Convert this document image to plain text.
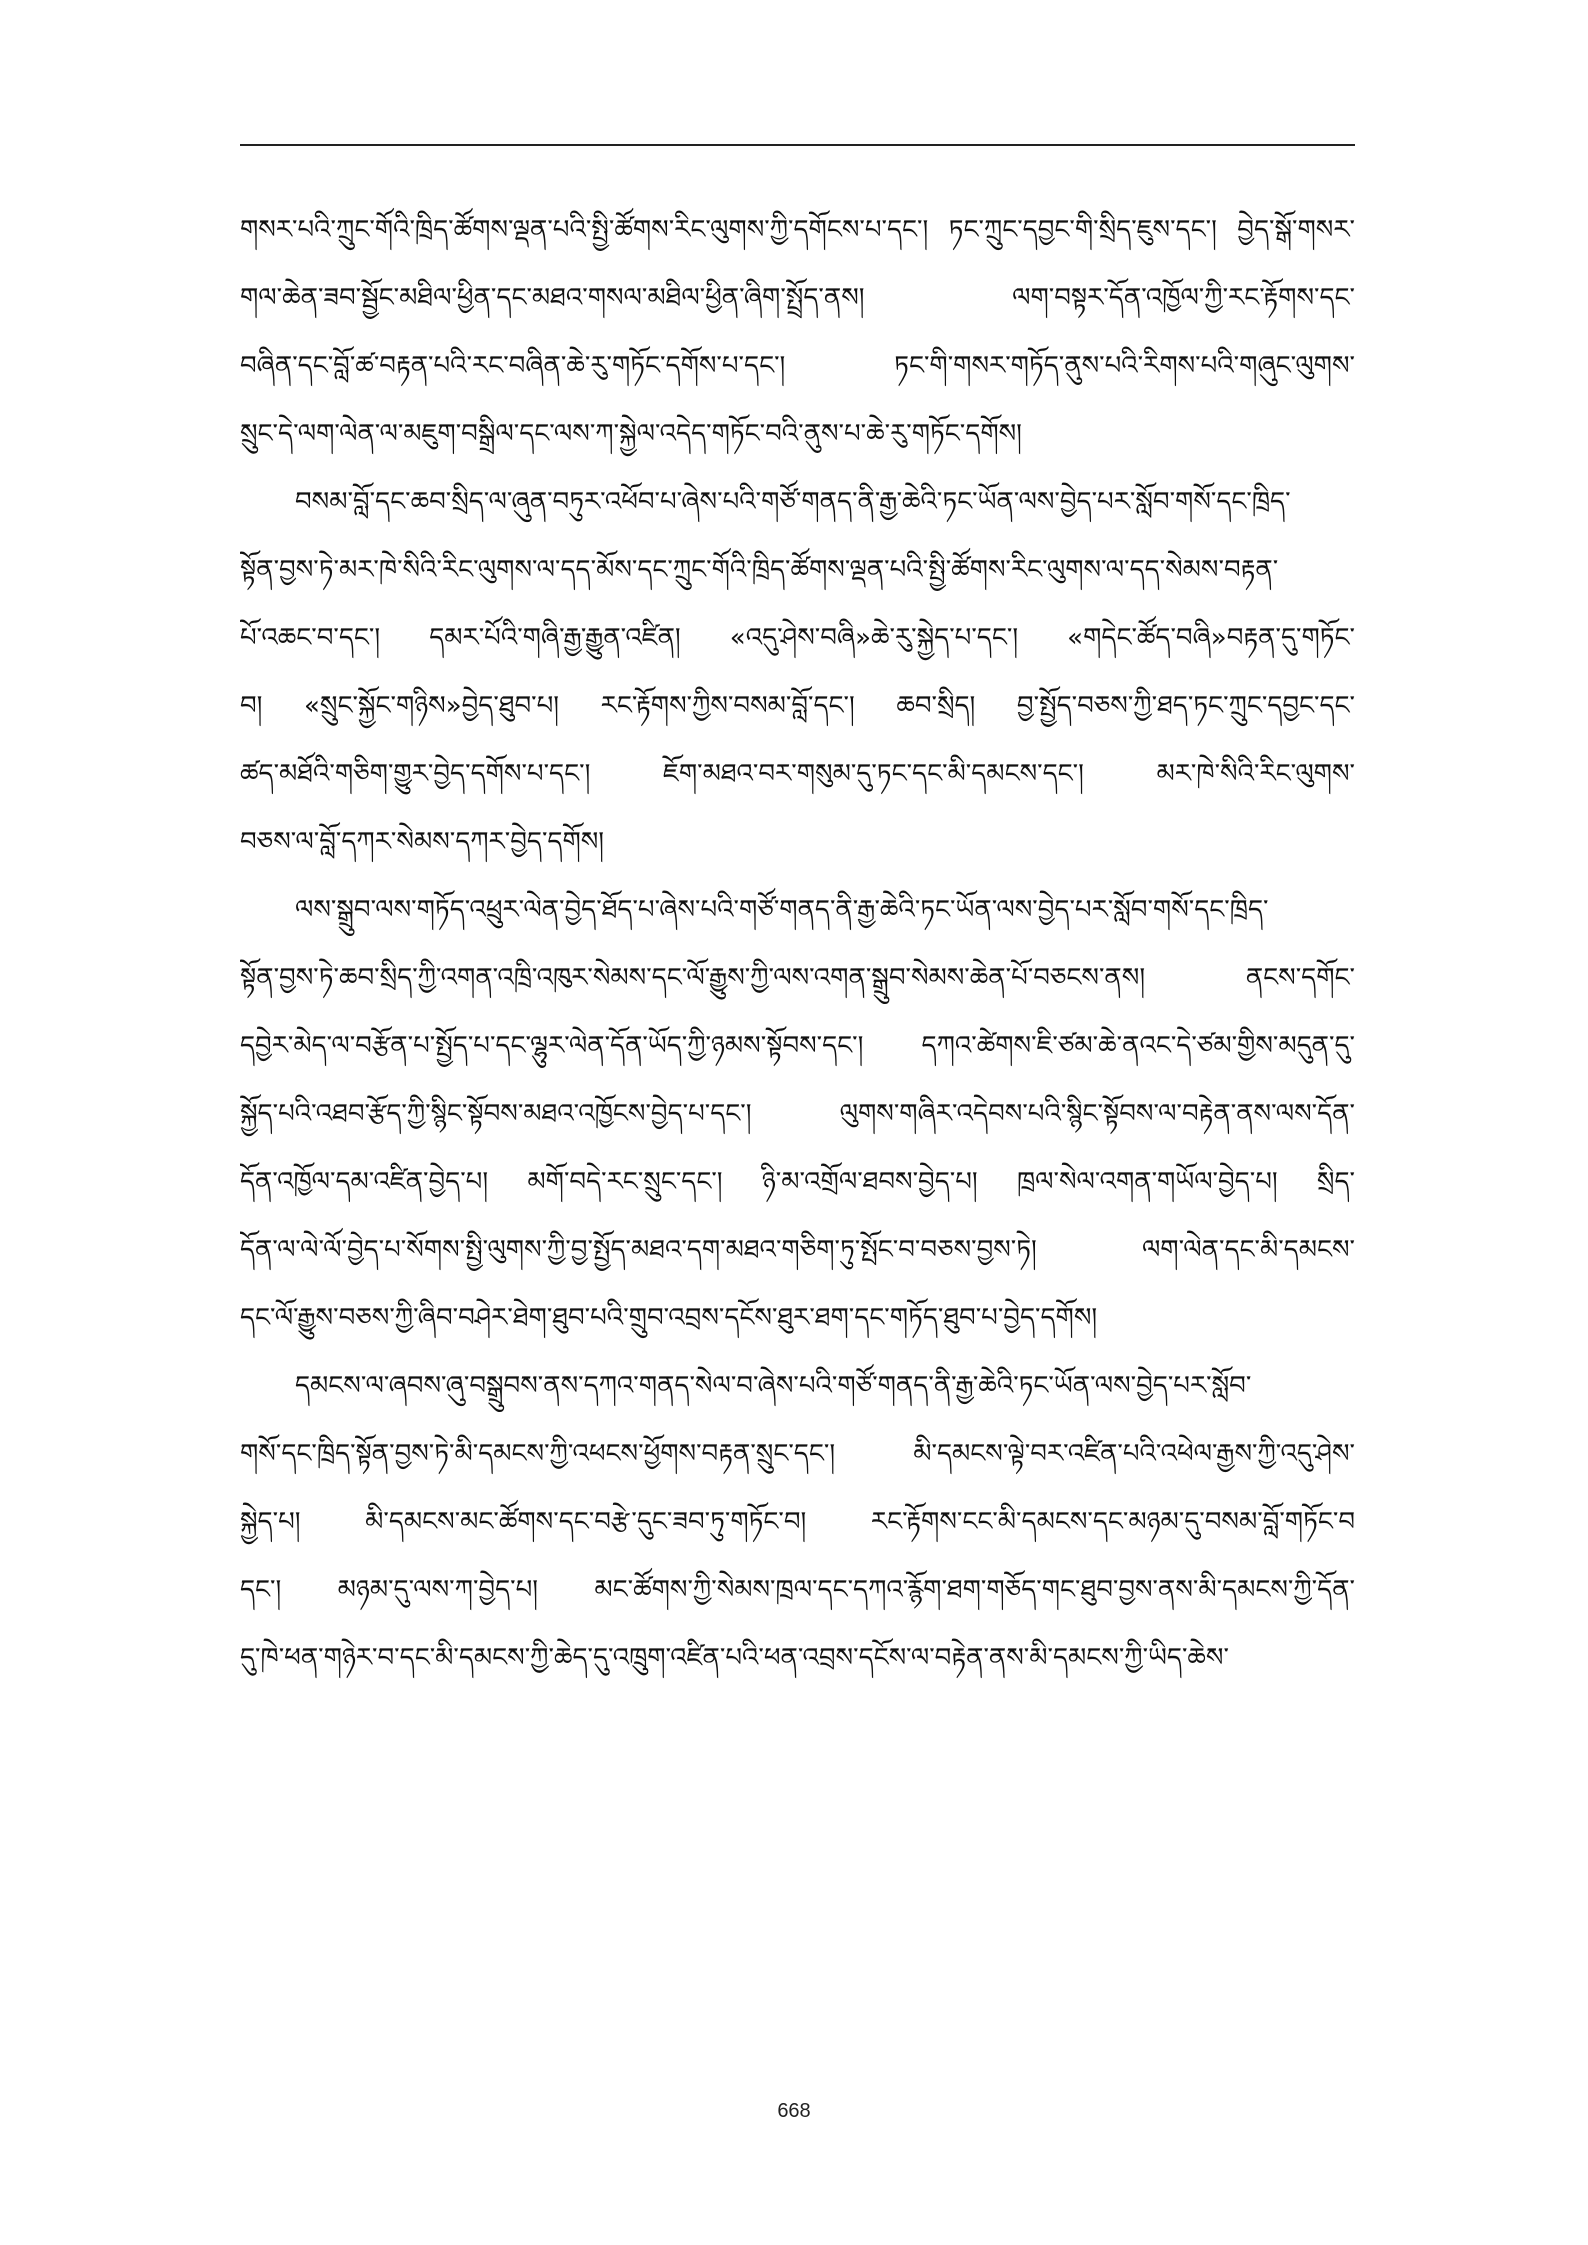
གསར་པའི་ཀྲུང་གོའི་ཁྲིད་ཚོགས་ལྡན་པའི་སྤྱི་ཚོགས་རིང་ལུགས་ཀྱི་དགོངས་པ་དང་། ཏང་ཀྲུང་དབྱང་གི་སྲིད་ཇུས་དང་། བྱེད་སྒོ་གསར་
གལ་ཆེན་ཟབ་སྦྱོང་མཐིལ་ཕྱིན་དང་མཐའ་གསལ་མཐིལ་ཕྱིན་ཞིག་སྤྲོད་ནས། ལག་བསྟར་དོན་འཁྱོལ་ཀྱི་རང་རྟོགས་དང་
བཞིན་དང་བློ་ཚ་བརྟན་པའི་རང་བཞིན་ཆེ་རུ་གཏོང་དགོས་པ་དང་། ཏང་གི་གསར་གཏོད་ནུས་པའི་རིགས་པའི་གཞུང་ལུགས་
སྲུང་དེ་ལག་ལེན་ལ་མཇུག་བསྒྲིལ་དང་ལས་ཀ་སྐྱེལ་འདེད་གཏོང་བའི་ནུས་པ་ཆེ་རུ་གཏོང་དགོས།
བསམ་བློ་དང་ཆབ་སྲིད་ལ་ཞུན་བཏུར་འཕོབ་པ་ཞེས་པའི་གཙོ་གནད་ནི་རྒྱ་ཆེའི་ཏང་ཡོན་ལས་བྱེད་པར་སློབ་གསོ་དང་ཁྲིད་
སྟོན་བྱས་ཏེ་མར་ཁེ་སིའི་རིང་ལུགས་ལ་དད་མོས་དང་ཀྲུང་གོའི་ཁྲིད་ཚོགས་ལྡན་པའི་སྤྱི་ཚོགས་རིང་ལུགས་ལ་དད་སེམས་བརྟན་
པོ་འཆང་བ་དང་། དམར་པོའི་གཞི་རྒྱ་རྒྱུན་འཛིན། «འདུ་ཤེས་བཞི»ཆེ་རུ་སྐྱེད་པ་དང་། «གདེང་ཚོད་བཞི»བརྟན་དུ་གཏོང་
བ། «སྲུང་སྐྱོང་གཉིས»བྱེད་ཐུབ་པ། རང་རྟོགས་ཀྱིས་བསམ་བློ་དང་། ཆབ་སྲིད། བྱ་སྤྱོད་བཅས་ཀྱི་ཐད་ཏང་ཀྲུང་དབྱང་དང་
ཚད་མཐོའི་གཅིག་གྱུར་བྱེད་དགོས་པ་དང་། ཇོག་མཐའ་བར་གསུམ་དུ་ཏང་དང་མི་དམངས་དང་། མར་ཁེ་སིའི་རིང་ལུགས་
བཅས་ལ་བློ་དཀར་སེམས་དཀར་བྱེད་དགོས།
ལས་སྒྲུབ་ལས་གཏོད་འཕྲུར་ལེན་བྱེད་ཐོད་པ་ཞེས་པའི་གཙོ་གནད་ནི་རྒྱ་ཆེའི་ཏང་ཡོན་ལས་བྱེད་པར་སློབ་གསོ་དང་ཁྲིད་
སྟོན་བྱས་ཏེ་ཆབ་སྲིད་ཀྱི་འགན་འཁྲི་འཁུར་སེམས་དང་ལོ་རྒྱུས་ཀྱི་ལས་འགན་སྒྲུབ་སེམས་ཆེན་པོ་བཅངས་ནས། ནངས་དགོང་
དབྱེར་མེད་ལ་བརྩོན་པ་སྤྱོད་པ་དང་ལྷུར་ལེན་དོན་ཡོད་ཀྱི་ཉམས་སྟོབས་དང་། དཀའ་ཚེགས་ཇི་ཙམ་ཆེ་ནའང་དེ་ཙམ་གྱིས་མདུན་དུ་
སྐྱོད་པའི་འཐབ་རྩོད་ཀྱི་སྙིང་སྟོབས་མཐའ་འཁྱོངས་བྱེད་པ་དང་། ལུགས་གཞིར་འདེབས་པའི་སྙིང་སྟོབས་ལ་བརྟེན་ནས་ལས་དོན་
དོན་འཁྱོལ་དམ་འཛིན་བྱེད་པ། མགོ་བདེ་རང་སྲུང་དང་། ཉི་མ་འགྲོལ་ཐབས་བྱེད་པ། ཁྲལ་སེལ་འགན་གཡོལ་བྱེད་པ། སྲིད་
དོན་ལ་ལེ་ལོ་བྱེད་པ་སོགས་སྤྱི་ལུགས་ཀྱི་བྱ་སྤྱོད་མཐའ་དག་མཐའ་གཅིག་ཏུ་སྤོང་བ་བཅས་བྱས་ཏེ། ལག་ལེན་དང་མི་དམངས་
དང་ལོ་རྒྱུས་བཅས་ཀྱི་ཞིབ་བཤེར་ཐེག་ཐུབ་པའི་གྲུབ་འབྲས་དངོས་ཐུར་ཐག་དང་གཏོད་ཐུབ་པ་བྱེད་དགོས།
དམངས་ལ་ཞབས་ཞུ་བསྒྲུབས་ནས་དཀའ་གནད་སེལ་བ་ཞེས་པའི་གཙོ་གནད་ནི་རྒྱ་ཆེའི་ཏང་ཡོན་ལས་བྱེད་པར་སློབ་
གསོ་དང་ཁྲིད་སྟོན་བྱས་ཏེ་མི་དམངས་ཀྱི་འཕངས་ཕྱོགས་བརྟན་སྲུང་དང་། མི་དམངས་ལྟེ་བར་འཛིན་པའི་འཕེལ་རྒྱས་ཀྱི་འདུ་ཤེས་
སྐྱེད་པ། མི་དམངས་མང་ཚོགས་དང་བརྩེ་དུང་ཟབ་ཏུ་གཏོང་བ། རང་རྟོགས་ངང་མི་དམངས་དང་མཉམ་དུ་བསམ་བློ་གཏོང་བ
དང་། མཉམ་དུ་ལས་ཀ་བྱེད་པ། མང་ཚོགས་ཀྱི་སེམས་ཁྲལ་དང་དཀའ་རྙོག་ཐག་གཅོད་གང་ཐུབ་བྱས་ནས་མི་དམངས་ཀྱི་དོན་
དུ་ཁེ་ཕན་གཉེར་བ་དང་མི་དམངས་ཀྱི་ཆེད་དུ་འཁྲུག་འཛིན་པའི་ཕན་འབྲས་དངོས་ལ་བརྟེན་ནས་མི་དམངས་ཀྱི་ཡིད་ཆེས་
668
